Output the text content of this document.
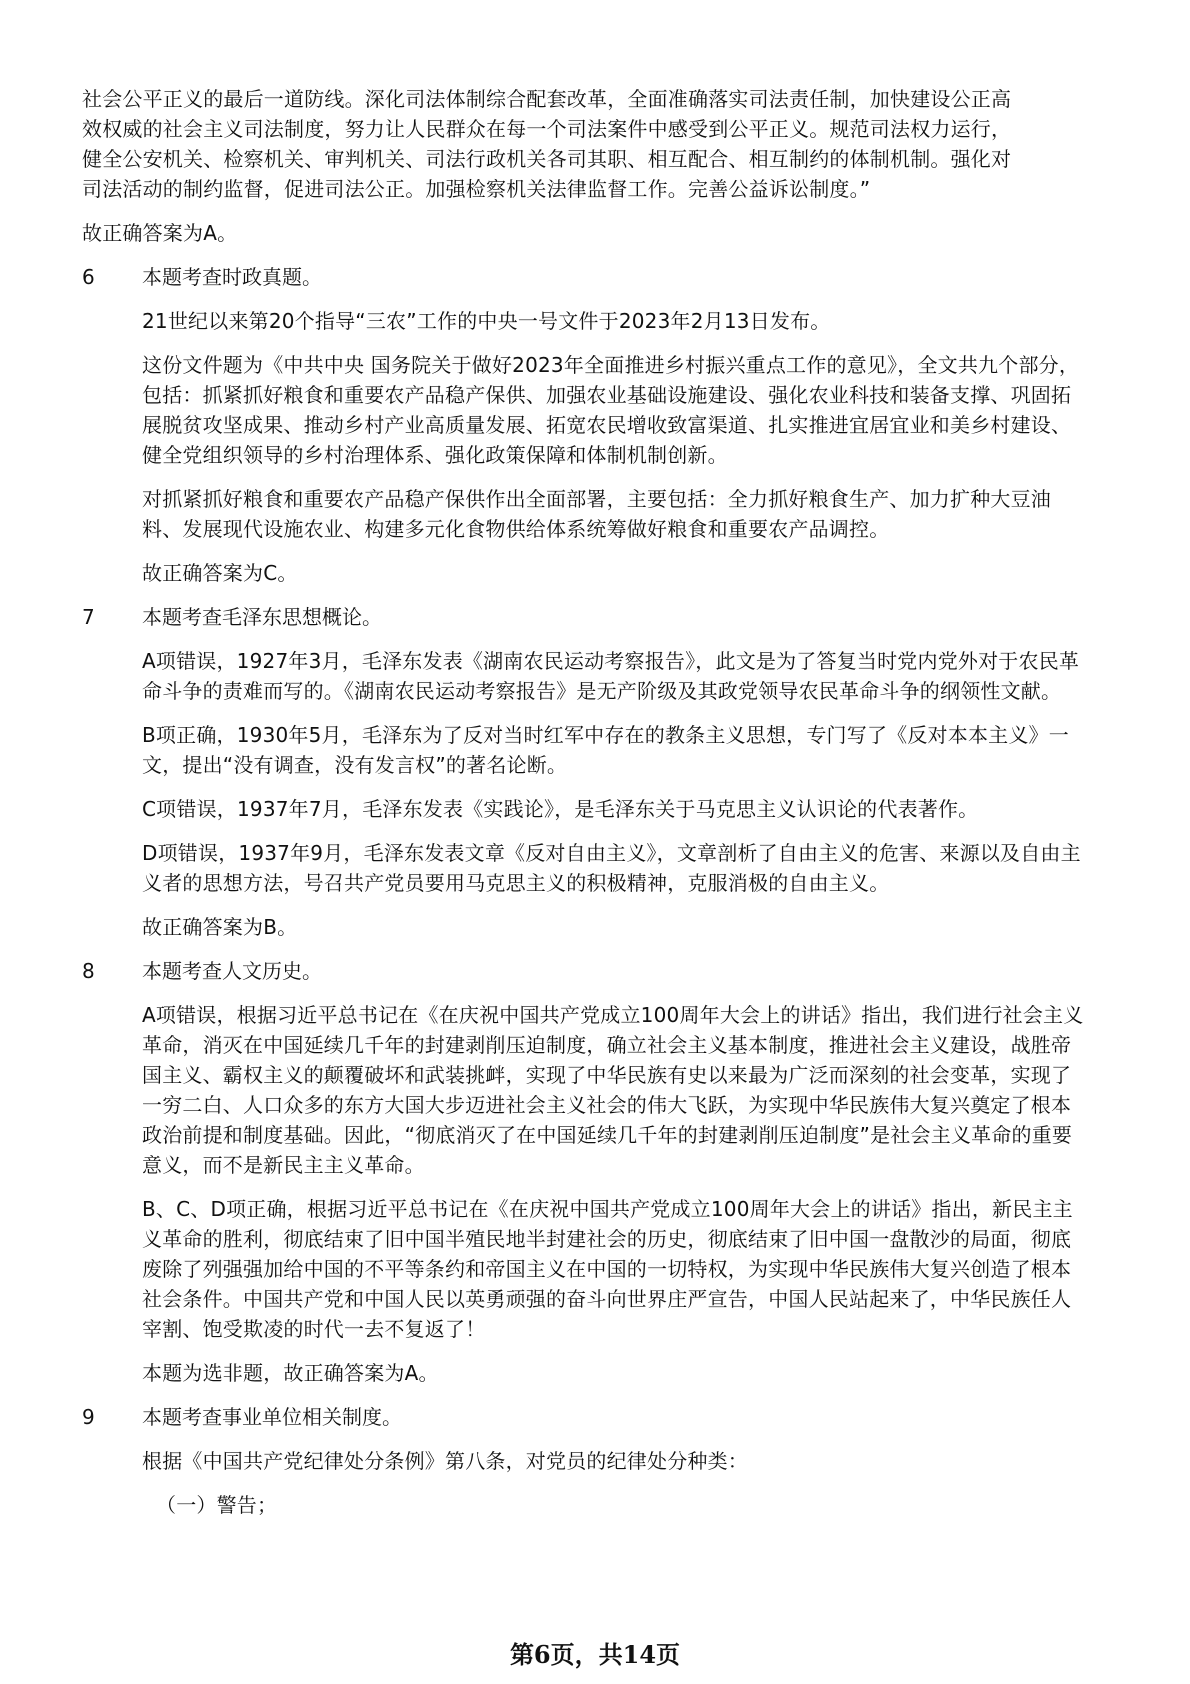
社会公平正义的最后一道防线。深化司法体制综合配套改革，全面准确落实司法责任制，加快建设公正高效权威的社会主义司法制度，努力让人民群众在每一个司法案件中感受到公平正义。规范司法权力运行，健全公安机关、检察机关、审判机关、司法行政机关各司其职、相互配合、相互制约的体制机制。强化对司法活动的制约监督，促进司法公正。加强检察机关法律监督工作。完善公益诉讼制度。”

故正确答案为A。

6	本题考查时政真题。

21世纪以来第20个指导“三农”工作的中央一号文件于2023年2月13日发布。

这份文件题为《中共中央 国务院关于做好2023年全面推进乡村振兴重点工作的意见》，全文共九个部分，包括：抓紧抓好粮食和重要农产品稳产保供、加强农业基础设施建设、强化农业科技和装备支撑、巩固拓展脱贫攻坚成果、推动乡村产业高质量发展、拓宽农民增收致富渠道、扎实推进宜居宜业和美乡村建设、健全党组织领导的乡村治理体系、强化政策保障和体制机制创新。

对抓紧抓好粮食和重要农产品稳产保供作出全面部署，主要包括：全力抓好粮食生产、加力扩种大豆油料、发展现代设施农业、构建多元化食物供给体系统筹做好粮食和重要农产品调控。

故正确答案为C。

7	本题考查毛泽东思想概论。

A项错误，1927年3月，毛泽东发表《湖南农民运动考察报告》，此文是为了答复当时党内党外对于农民革命斗争的责难而写的。《湖南农民运动考察报告》是无产阶级及其政党领导农民革命斗争的纲领性文献。

B项正确，1930年5月，毛泽东为了反对当时红军中存在的教条主义思想，专门写了《反对本本主义》一文，提出“没有调查，没有发言权”的著名论断。

C项错误，1937年7月，毛泽东发表《实践论》，是毛泽东关于马克思主义认识论的代表著作。

D项错误，1937年9月，毛泽东发表文章《反对自由主义》，文章剖析了自由主义的危害、来源以及自由主义者的思想方法，号召共产党员要用马克思主义的积极精神，克服消极的自由主义。

故正确答案为B。

8	本题考查人文历史。

A项错误，根据习近平总书记在《在庆祝中国共产党成立100周年大会上的讲话》指出，我们进行社会主义革命，消灭在中国延续几千年的封建剥削压迫制度，确立社会主义基本制度，推进社会主义建设，战胜帝国主义、霸权主义的颠覆破坏和武装挑衅，实现了中华民族有史以来最为广泛而深刻的社会变革，实现了一穷二白、人口众多的东方大国大步迈进社会主义社会的伟大飞跃，为实现中华民族伟大复兴奠定了根本政治前提和制度基础。因此，“彻底消灭了在中国延续几千年的封建剥削压迫制度”是社会主义革命的重要意义，而不是新民主主义革命。

B、C、D项正确，根据习近平总书记在《在庆祝中国共产党成立100周年大会上的讲话》指出，新民主主义革命的胜利，彻底结束了旧中国半殖民地半封建社会的历史，彻底结束了旧中国一盘散沙的局面，彻底废除了列强强加给中国的不平等条约和帝国主义在中国的一切特权，为实现中华民族伟大复兴创造了根本社会条件。中国共产党和中国人民以英勇顽强的奋斗向世界庄严宣告，中国人民站起来了，中华民族任人宰割、饱受欺凌的时代一去不复返了！

本题为选非题，故正确答案为A。

9	本题考查事业单位相关制度。

根据《中国共产党纪律处分条例》第八条，对党员的纪律处分种类：

（一）警告；

第6页，共14页
